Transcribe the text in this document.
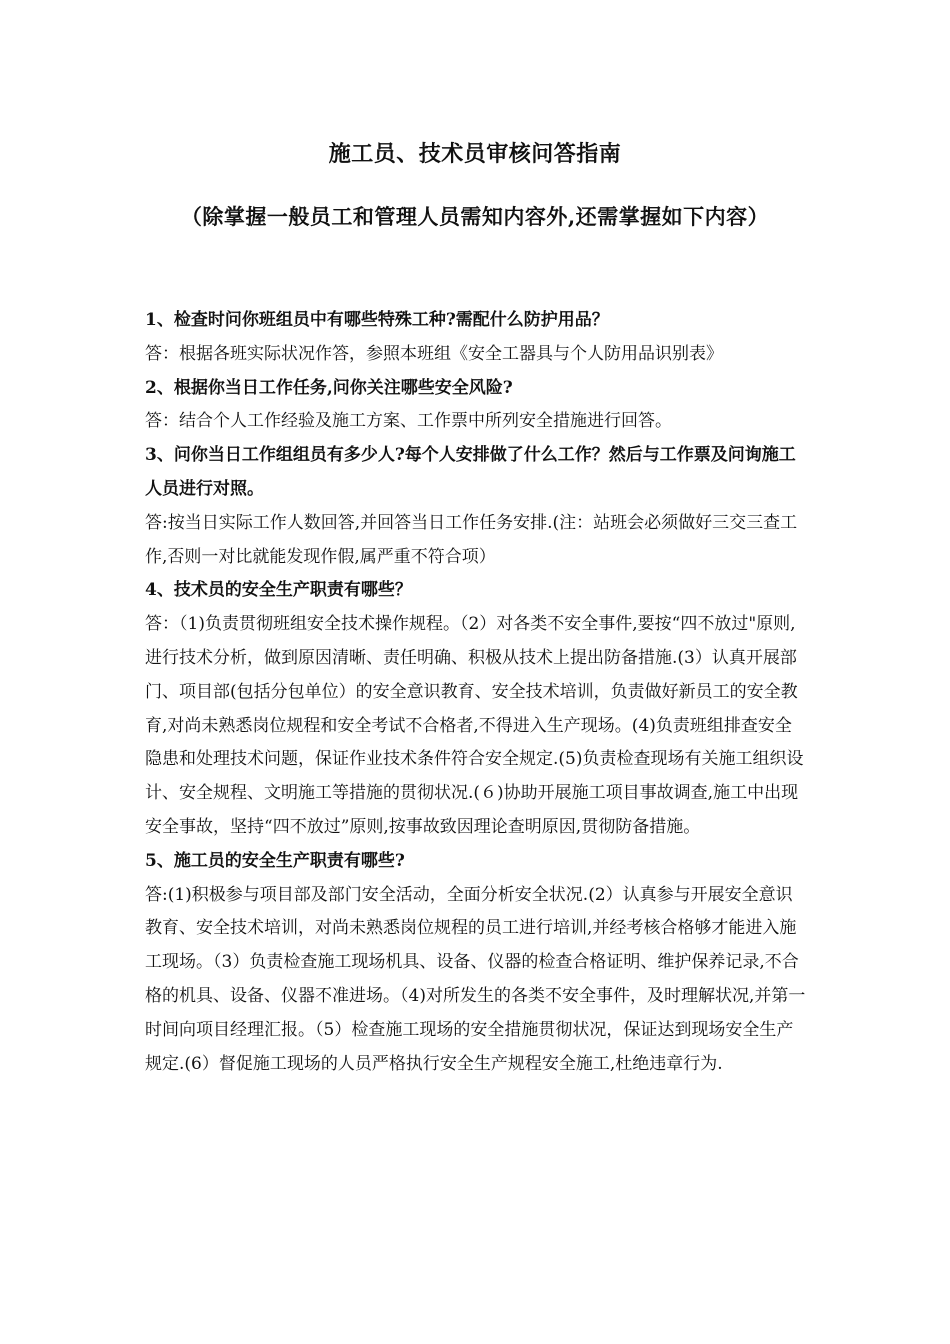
施工员、技术员审核问答指南
（除掌握一般员工和管理人员需知内容外,还需掌握如下内容）

1、检查时问你班组员中有哪些特殊工种?需配什么防护用品？

答：根据各班实际状况作答，参照本班组《安全工器具与个人防用品识别表》

2、根据你当日工作任务,问你关注哪些安全风险?

答：结合个人工作经验及施工方案、工作票中所列安全措施进行回答。

3、问你当日工作组组员有多少人?每个人安排做了什么工作？然后与工作票及问询施工人员进行对照。

答:按当日实际工作人数回答,并回答当日工作任务安排.(注：站班会必须做好三交三查工作,否则一对比就能发现作假,属严重不符合项）

4、技术员的安全生产职责有哪些？

答：（1)负责贯彻班组安全技术操作规程。（2）对各类不安全事件,要按“四不放过"原则,进行技术分析，做到原因清晰、责任明确、积极从技术上提出防备措施.(3）认真开展部门、项目部(包括分包单位）的安全意识教育、安全技术培训，负责做好新员工的安全教育,对尚未熟悉岗位规程和安全考试不合格者,不得进入生产现场。(4)负责班组排查安全隐患和处理技术问题，保证作业技术条件符合安全规定.(5)负责检查现场有关施工组织设计、安全规程、文明施工等措施的贯彻状况.(６)协助开展施工项目事故调查,施工中出现安全事故，坚持“四不放过”原则,按事故致因理论查明原因,贯彻防备措施。

5、施工员的安全生产职责有哪些?

答:(1)积极参与项目部及部门安全活动，全面分析安全状况.(2）认真参与开展安全意识教育、安全技术培训，对尚未熟悉岗位规程的员工进行培训,并经考核合格够才能进入施工现场。（3）负责检查施工现场机具、设备、仪器的检查合格证明、维护保养记录,不合格的机具、设备、仪器不准进场。（4)对所发生的各类不安全事件，及时理解状况,并第一时间向项目经理汇报。（5）检查施工现场的安全措施贯彻状况，保证达到现场安全生产规定.(6）督促施工现场的人员严格执行安全生产规程安全施工,杜绝违章行为.
